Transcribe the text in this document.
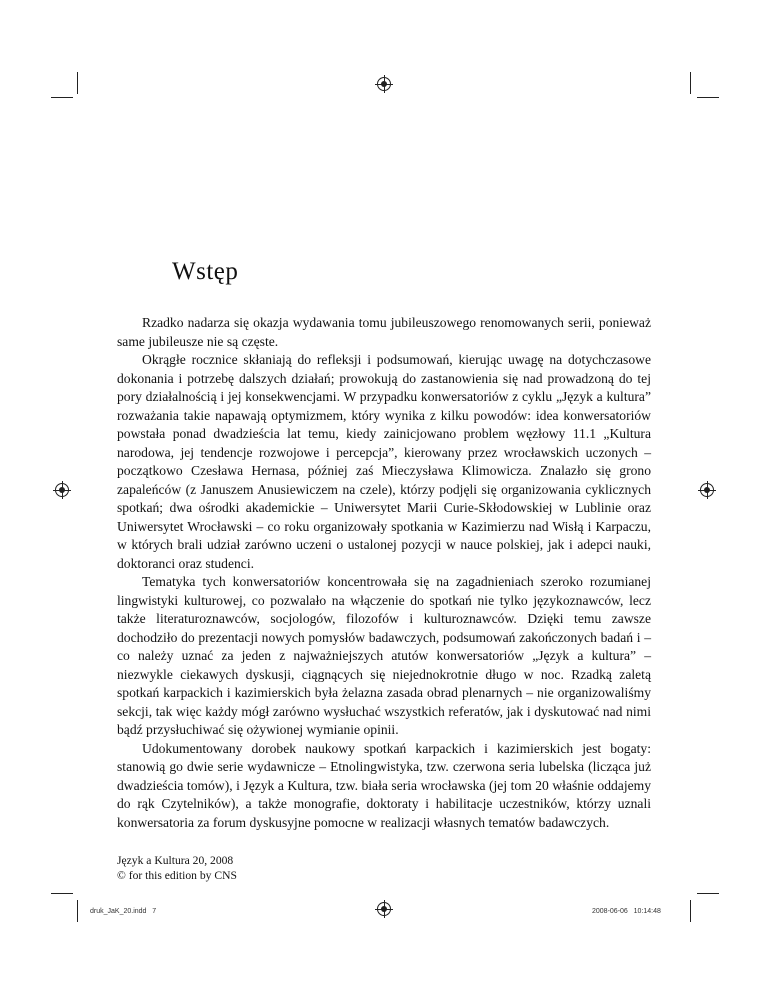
Wstęp

Rzadko nadarza się okazja wydawania tomu jubileuszowego renomowanych serii, ponieważ same jubileusze nie są częste.

Okrągłe rocznice skłaniają do refleksji i podsumowań, kierując uwagę na dotychczasowe dokonania i potrzebę dalszych działań; prowokują do zastanowienia się nad prowadzoną do tej pory działalnością i jej konsekwencjami. W przypadku konwersatoriów z cyklu „Język a kultura” rozważania takie napawają optymizmem, który wynika z kilku powodów: idea konwersatoriów powstała ponad dwadzieścia lat temu, kiedy zainicjowano problem węzłowy 11.1 „Kultura narodowa, jej tendencje rozwojowe i percepcja”, kierowany przez wrocławskich uczonych – początkowo Czesława Hernasa, później zaś Mieczysława Klimowicza. Znalazło się grono zapaleńców (z Januszem Anusiewiczem na czele), którzy podjęli się organizowania cyklicznych spotkań; dwa ośrodki akademickie – Uniwersytet Marii Curie-Skłodowskiej w Lublinie oraz Uniwersytet Wrocławski – co roku organizowały spotkania w Kazimierzu nad Wisłą i Karpaczu, w których brali udział zarówno uczeni o ustalonej pozycji w nauce polskiej, jak i adepci nauki, doktoranci oraz studenci.

Tematyka tych konwersatoriów koncentrowała się na zagadnieniach szeroko rozumianej lingwistyki kulturowej, co pozwalało na włączenie do spotkań nie tylko językoznawców, lecz także literaturoznawców, socjologów, filozofów i kulturoznawców. Dzięki temu zawsze dochodziło do prezentacji nowych pomysłów badawczych, podsumowań zakończonych badań i – co należy uznać za jeden z najważniejszych atutów konwersatoriów „Język a kultura” – niezwykle ciekawych dyskusji, ciągnących się niejednokrotnie długo w noc. Rzadką zaletą spotkań karpackich i kazimierskich była żelazna zasada obrad plenarnych – nie organizowaliśmy sekcji, tak więc każdy mógł zarówno wysłuchać wszystkich referatów, jak i dyskutować nad nimi bądź przysłuchiwać się ożywionej wymianie opinii.

Udokumentowany dorobek naukowy spotkań karpackich i kazimierskich jest bogaty: stanowią go dwie serie wydawnicze – Etnolingwistyka, tzw. czerwona seria lubelska (licząca już dwadzieścia tomów), i Język a Kultura, tzw. biała seria wrocławska (jej tom 20 właśnie oddajemy do rąk Czytelników), a także monografie, doktoraty i habilitacje uczestników, którzy uznali konwersatoria za forum dyskusyjne pomocne w realizacji własnych tematów badawczych.

Język a Kultura 20, 2008
© for this edition by CNS
druk_JaK_20.indd   7	2008-06-06   10:14:48
